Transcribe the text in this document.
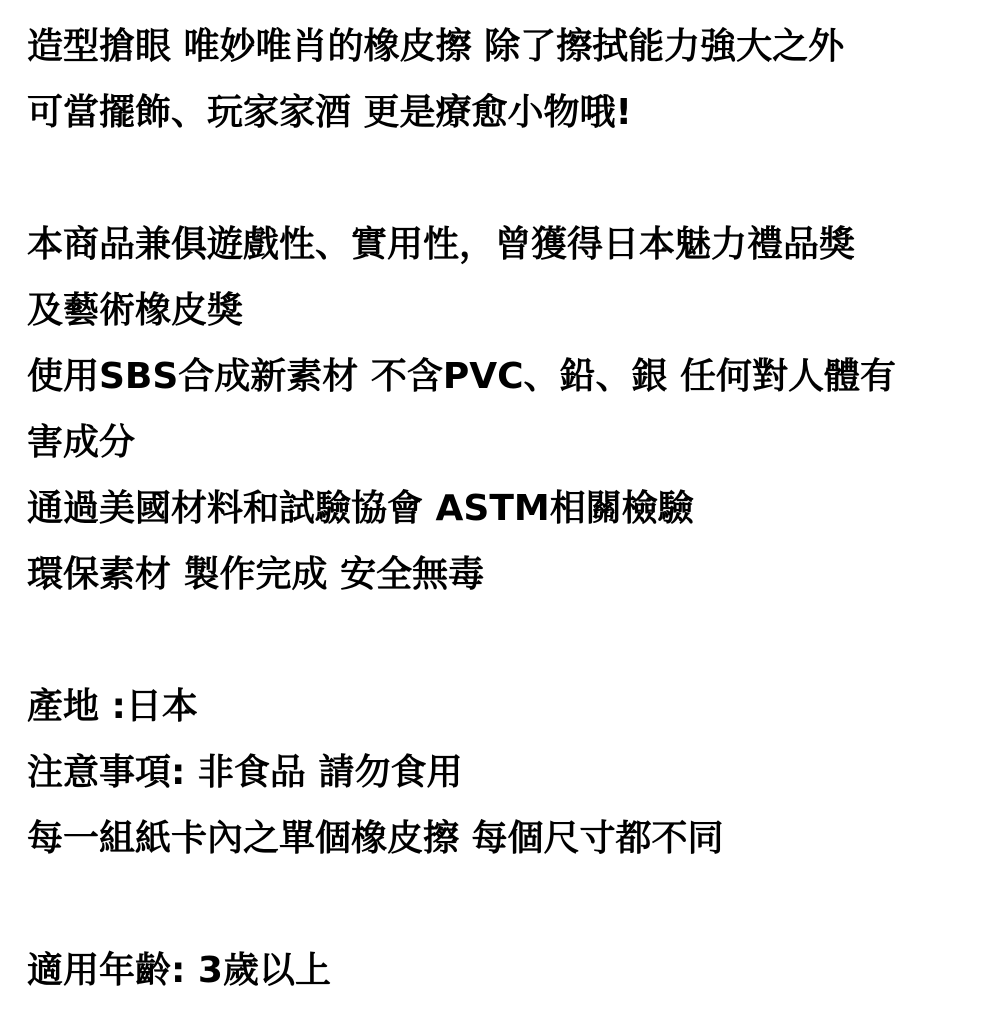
造型搶眼 唯妙唯肖的橡皮擦 除了擦拭能力強大之外
可當擺飾、玩家家酒 更是療愈小物哦!
本商品兼俱遊戲性、實用性，曾獲得日本魅力禮品獎
及藝術橡皮獎
使用SBS合成新素材 不含PVC、鉛、銀 任何對人體有
害成分
通過美國材料和試驗協會 ASTM相關檢驗
環保素材 製作完成 安全無毒
產地 :日本
注意事項: 非食品 請勿食用
每一組紙卡內之單個橡皮擦 每個尺寸都不同
適用年齡: 3歲以上
